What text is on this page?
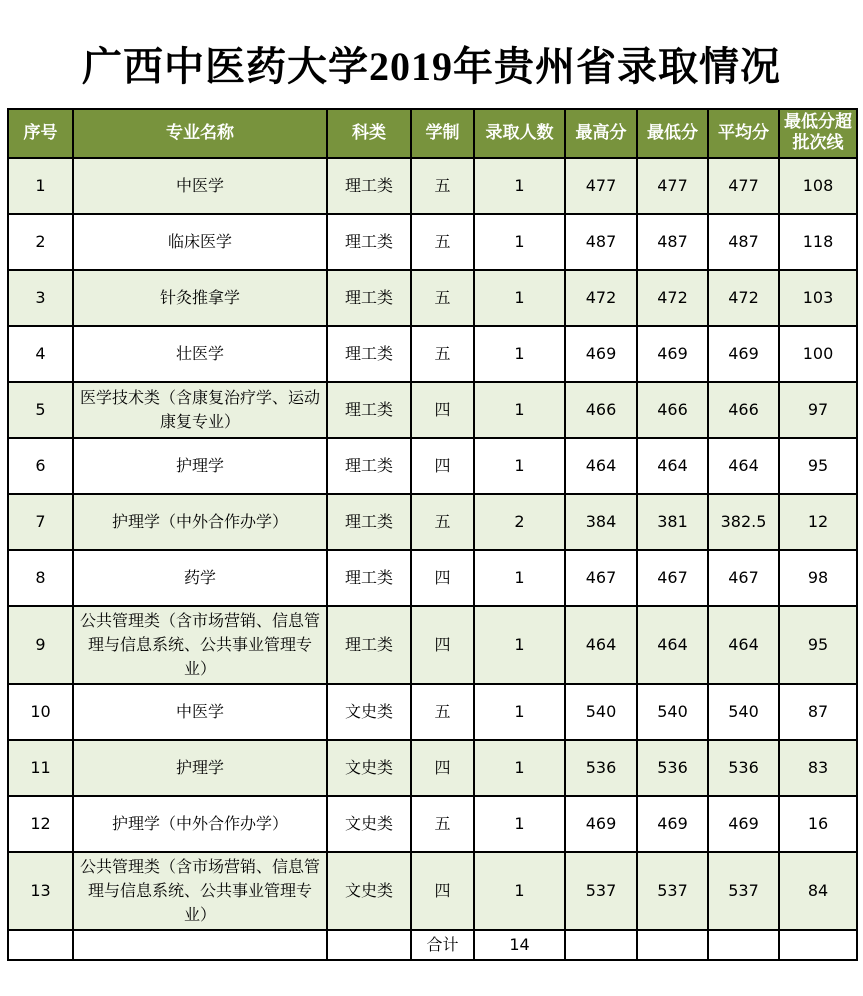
广西中医药大学2019年贵州省录取情况
序号	专业名称	科类	学制	录取人数	最高分	最低分	平均分	最低分超批次线
1	中医学	理工类	五	1	477	477	477	108
2	临床医学	理工类	五	1	487	487	487	118
3	针灸推拿学	理工类	五	1	472	472	472	103
4	壮医学	理工类	五	1	469	469	469	100
5	医学技术类（含康复治疗学、运动康复专业）	理工类	四	1	466	466	466	97
6	护理学	理工类	四	1	464	464	464	95
7	护理学（中外合作办学）	理工类	五	2	384	381	382.5	12
8	药学	理工类	四	1	467	467	467	98
9	公共管理类（含市场营销、信息管理与信息系统、公共事业管理专业）	理工类	四	1	464	464	464	95
10	中医学	文史类	五	1	540	540	540	87
11	护理学	文史类	四	1	536	536	536	83
12	护理学（中外合作办学）	文史类	五	1	469	469	469	16
13	公共管理类（含市场营销、信息管理与信息系统、公共事业管理专业）	文史类	四	1	537	537	537	84
			合计	14				
